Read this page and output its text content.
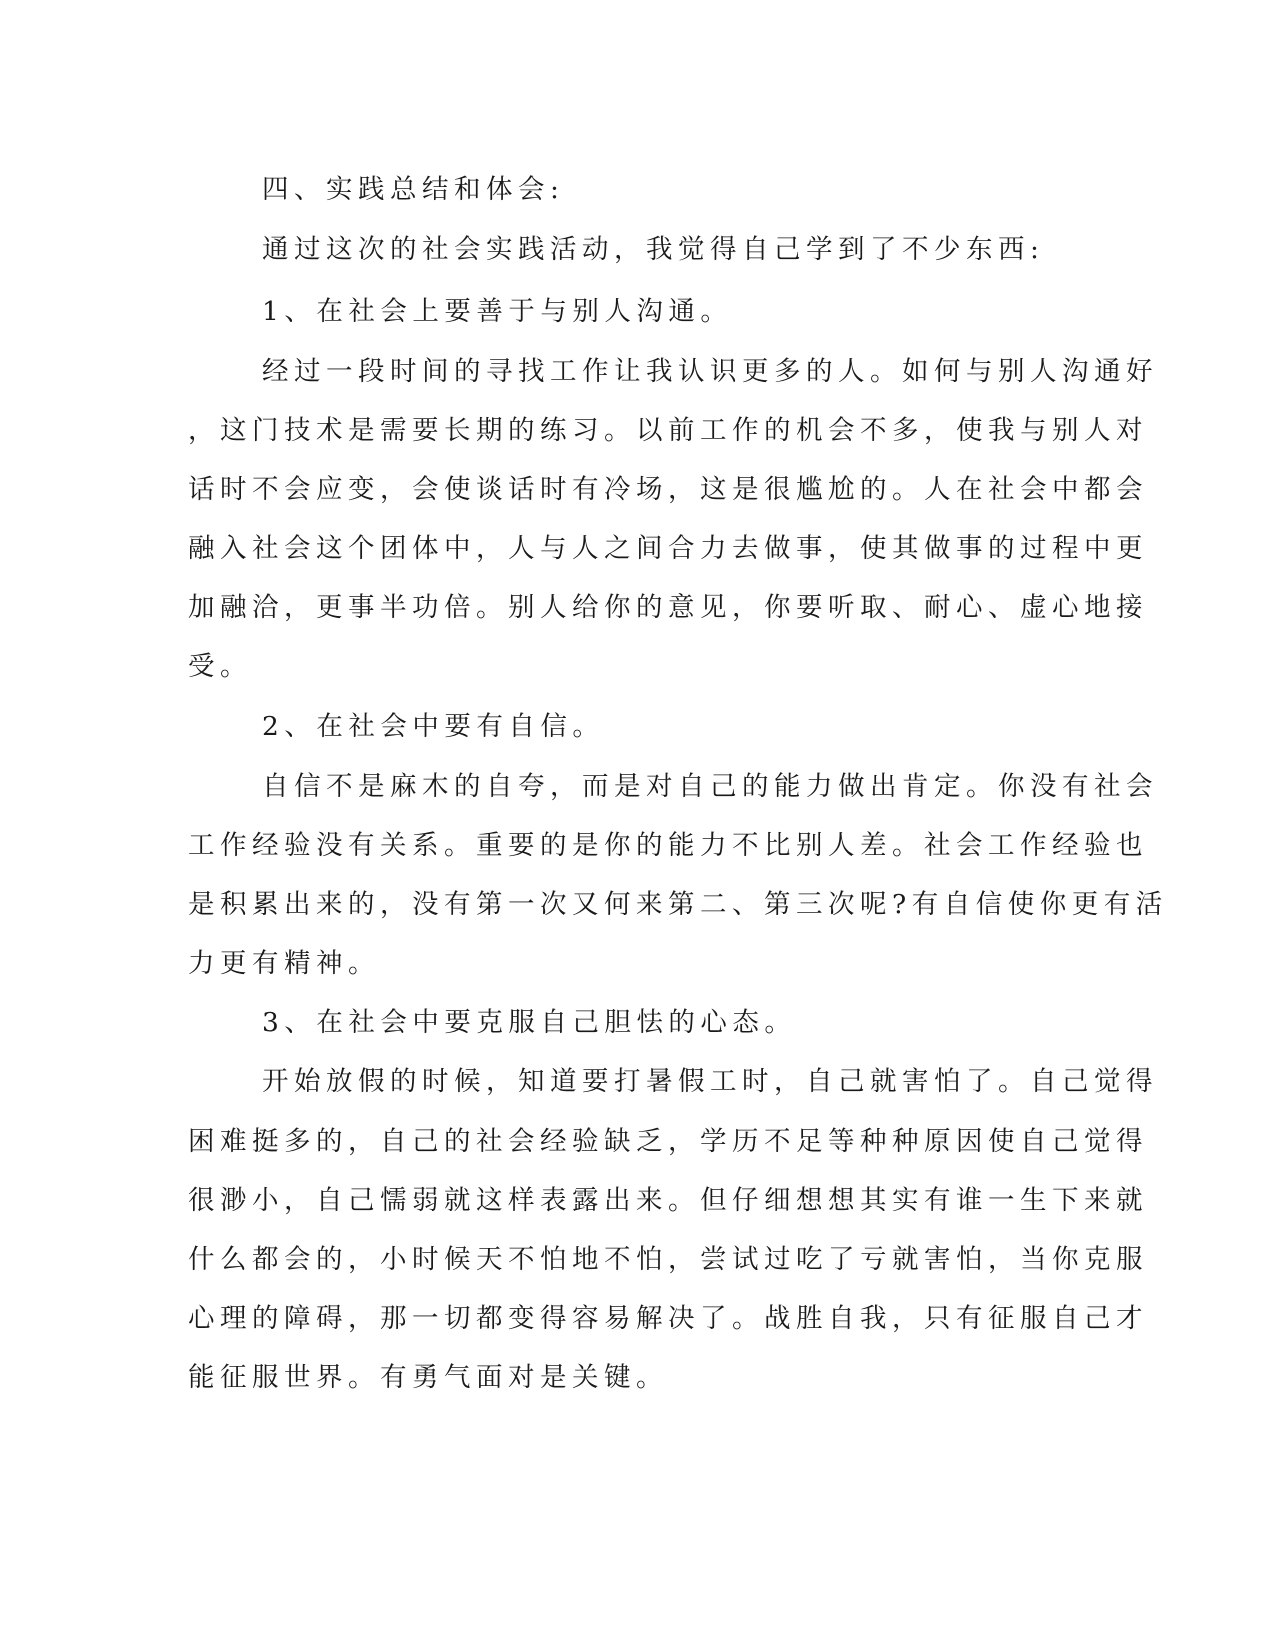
四、实践总结和体会:

通过这次的社会实践活动，我觉得自己学到了不少东西:

1、在社会上要善于与别人沟通。

经过一段时间的寻找工作让我认识更多的人。如何与别人沟通好

，这门技术是需要长期的练习。以前工作的机会不多，使我与别人对

话时不会应变，会使谈话时有冷场，这是很尴尬的。人在社会中都会

融入社会这个团体中，人与人之间合力去做事，使其做事的过程中更

加融洽，更事半功倍。别人给你的意见，你要听取、耐心、虚心地接

受。

2、在社会中要有自信。

自信不是麻木的自夸，而是对自己的能力做出肯定。你没有社会

工作经验没有关系。重要的是你的能力不比别人差。社会工作经验也

是积累出来的，没有第一次又何来第二、第三次呢?有自信使你更有活

力更有精神。

3、在社会中要克服自己胆怯的心态。

开始放假的时候，知道要打暑假工时，自己就害怕了。自己觉得

困难挺多的，自己的社会经验缺乏，学历不足等种种原因使自己觉得

很渺小，自己懦弱就这样表露出来。但仔细想想其实有谁一生下来就

什么都会的，小时候天不怕地不怕，尝试过吃了亏就害怕，当你克服

心理的障碍，那一切都变得容易解决了。战胜自我，只有征服自己才

能征服世界。有勇气面对是关键。
